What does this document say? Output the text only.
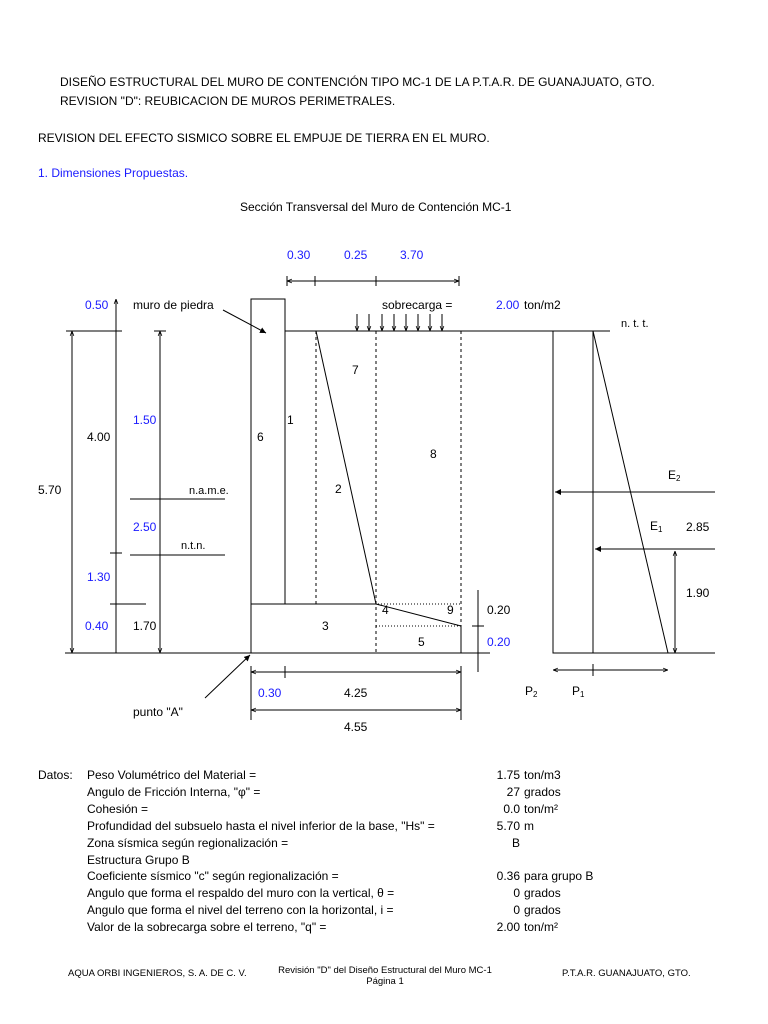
DISEÑO ESTRUCTURAL DEL MURO DE CONTENCIÓN TIPO MC-1 DE LA P.T.A.R. DE GUANAJUATO, GTO.
REVISION "D": REUBICACION DE MUROS PERIMETRALES.
REVISION DEL EFECTO SISMICO SOBRE EL EMPUJE DE TIERRA EN EL MURO.
1. Dimensiones Propuestas.
Sección Transversal del Muro de Contención MC-1
0.30	0.25	3.70
0.50 muro de piedra	sobrecarga =	2.00 ton/m2
n. t. t.
7
1
6
8
2
3
4
5
9
1.50
4.00
5.70	n.a.m.e.
2.50
n.t.n.
1.30
0.40 1.70
0.20
0.20
0.30	4.25
4.55
punto "A"
E2
E1 2.85
1.90
P2	P1
Datos: Peso Volumétrico del Material =	1.75 ton/m3
Angulo de Fricción Interna, "φ" =	27 grados
Cohesión =	0.0 ton/m²
Profundidad del subsuelo hasta el nivel inferior de la base, "Hs" =	5.70 m
Zona sísmica según regionalización =	B
Estructura Grupo B
Coeficiente sísmico "c" según regionalización =	0.36 para grupo B
Angulo que forma el respaldo del muro con la vertical, θ =	0 grados
Angulo que forma el nivel del terreno con la horizontal, i =	0 grados
Valor de la sobrecarga sobre el terreno, "q" =	2.00 ton/m²
AQUA ORBI INGENIEROS, S. A. DE C. V.	Revisión "D" del Diseño Estructural del Muro MC-1
Página 1
P.T.A.R. GUANAJUATO, GTO.
